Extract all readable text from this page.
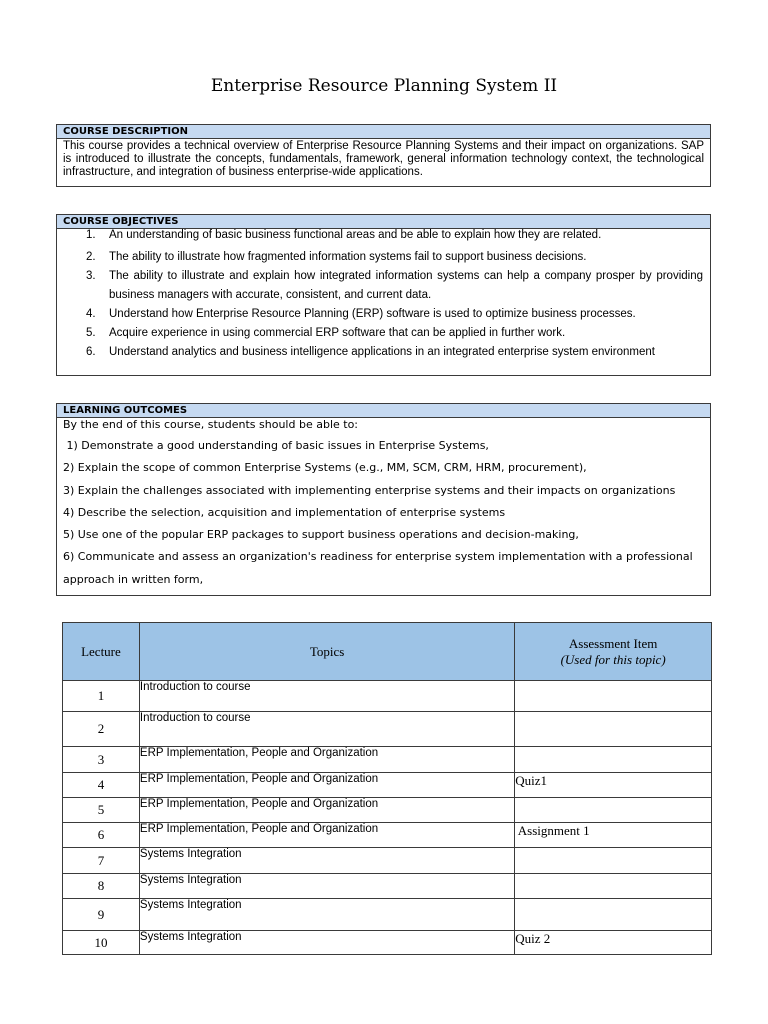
Enterprise Resource Planning System II
COURSE DESCRIPTION
This course provides a technical overview of Enterprise Resource Planning Systems and their impact on organizations. SAP is introduced to illustrate the concepts, fundamentals, framework, general information technology context, the technological infrastructure, and integration of business enterprise-wide applications.
COURSE OBJECTIVES
1. An understanding of basic business functional areas and be able to explain how they are related.
2. The ability to illustrate how fragmented information systems fail to support business decisions.
3. The ability to illustrate and explain how integrated information systems can help a company prosper by providing business managers with accurate, consistent, and current data.
4. Understand how Enterprise Resource Planning (ERP) software is used to optimize business processes.
5. Acquire experience in using commercial ERP software that can be applied in further work.
6. Understand analytics and business intelligence applications in an integrated enterprise system environment
LEARNING OUTCOMES
By the end of this course, students should be able to:
1) Demonstrate a good understanding of basic issues in Enterprise Systems,
2) Explain the scope of common Enterprise Systems (e.g., MM, SCM, CRM, HRM, procurement),
3) Explain the challenges associated with implementing enterprise systems and their impacts on organizations
4) Describe the selection, acquisition and implementation of enterprise systems
5) Use one of the popular ERP packages to support business operations and decision-making,
6) Communicate and assess an organization's readiness for enterprise system implementation with a professional
approach in written form,
Lecture	Topics	Assessment Item
(Used for this topic)

1	Introduction to course	
2	Introduction to course	
3	ERP Implementation, People and Organization	
4	ERP Implementation, People and Organization	Quiz1
5	ERP Implementation, People and Organization	
6	ERP Implementation, People and Organization	Assignment 1
7	Systems Integration	
8	Systems Integration	
9	Systems Integration	
10	Systems Integration	Quiz 2
